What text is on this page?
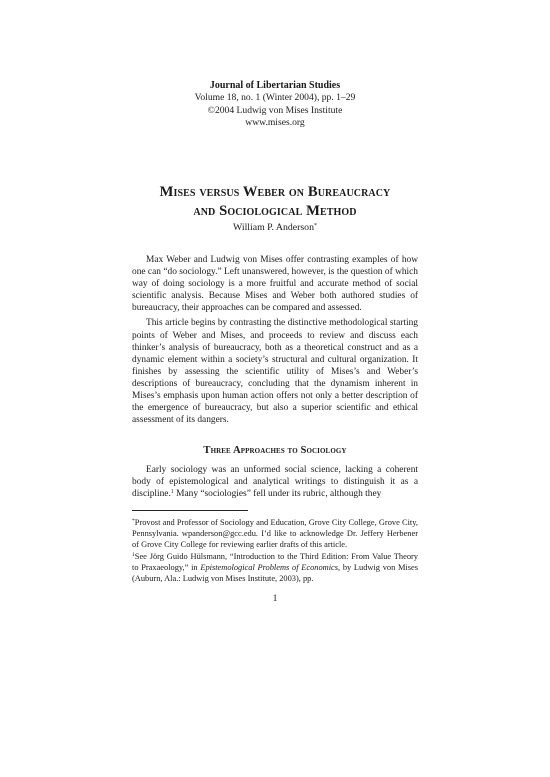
Journal of Libertarian Studies
Volume 18, no. 1 (Winter 2004), pp. 1–29
©2004 Ludwig von Mises Institute
www.mises.org
Mises versus Weber on Bureaucracy
and Sociological Method
William P. Anderson*

Max Weber and Ludwig von Mises offer contrasting examples of how one can “do sociology.” Left unanswered, however, is the question of which way of doing sociology is a more fruitful and accurate method of social scientific analysis. Because Mises and Weber both authored studies of bureaucracy, their approaches can be compared and assessed.

This article begins by contrasting the distinctive methodological starting points of Weber and Mises, and proceeds to review and discuss each thinker’s analysis of bureaucracy, both as a theoretical construct and as a dynamic element within a society’s structural and cultural organization. It finishes by assessing the scientific utility of Mises’s and Weber’s descriptions of bureaucracy, concluding that the dynamism inherent in Mises’s emphasis upon human action offers not only a better description of the emergence of bureaucracy, but also a superior scientific and ethical assessment of its dangers.

Three Approaches to Sociology

Early sociology was an unformed social science, lacking a coherent body of epistemological and analytical writings to distinguish it as a discipline.$^1$ Many “sociologies” fell under its rubric, although they

*Provost and Professor of Sociology and Education, Grove City College, Grove City, Pennsylvania. wpanderson@gcc.edu. I’d like to acknowledge Dr. Jeffery Herbener of Grove City College for reviewing earlier drafts of this article.

$^1$See Jörg Guido Hülsmann, “Introduction to the Third Edition: From Value Theory to Praxaeology,” in Epistemological Problems of Economics, by Ludwig von Mises (Auburn, Ala.: Ludwig von Mises Institute, 2003), pp.

1
